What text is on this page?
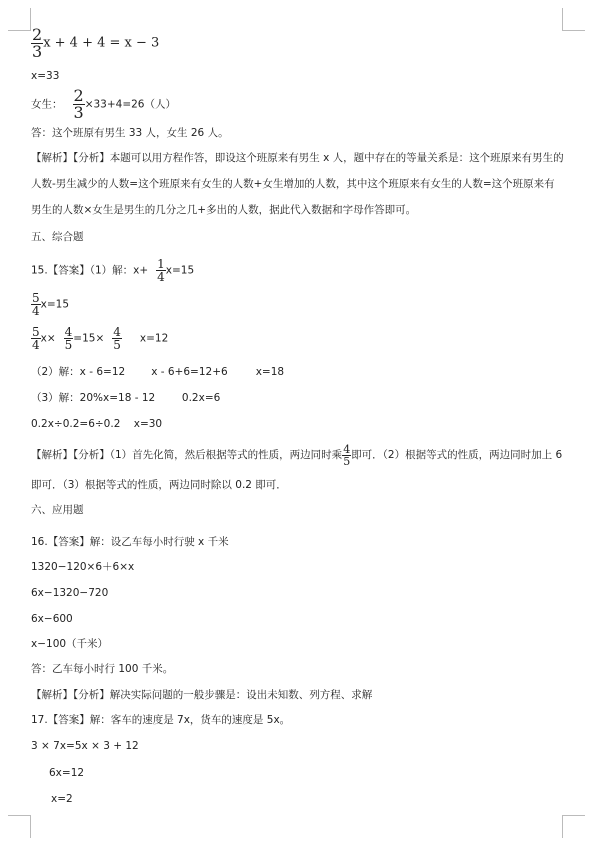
$\frac{2}{3}$ x + 4 + 4 = x − 3
x=33
女生： $\frac{2}{3} \times 33+4=26$（人）
答：这个班原有男生 33 人，女生 26 人。
【解析】【分析】本题可以用方程作答，即设这个班原来有男生 x 人，题中存在的等量关系是：这个班原来有男生的人数-男生减少的人数=这个班原来有女生的人数+女生增加的人数，其中这个班原来有女生的人数=这个班原来有男生的人数×女生是男生的几分之几+多出的人数，据此代入数据和字母作答即可。
五、综合题
15.【答案】（1）解：$x+ \frac{1}{4} x=15$
$\frac{5}{4} x=15$
$\frac{5}{4} x\times \frac{4}{5} =15\times \frac{4}{5} x=12$
（2）解：x - 6=12 x - 6+6=12+6	x=18
（3）解：20%x=18 - 12        0.2x=6
0.2x÷0.2=6÷0.2    x=30
【解析】【分析】（1）首先化简，然后根据等式的性质，两边同时乘 $\frac{4}{5}$ 即可．（2）根据等式的性质，两边同时加上 6 即可．（3）根据等式的性质，两边同时除以 0.2 即可．
六、应用题
16.【答案】解：设乙车每小时行驶 x 千米
1320−120×6＋6×x
6x−1320−720
6x−600
x−100（千米）
答：乙车每小时行 100 千米。
【解析】【分析】解决实际问题的一般步骤是：设出未知数、列方程、求解
17.【答案】解：客车的速度是 7x，货车的速度是 5x。
3 × 7x=5x × 3 + 12
6x=12
x=2
